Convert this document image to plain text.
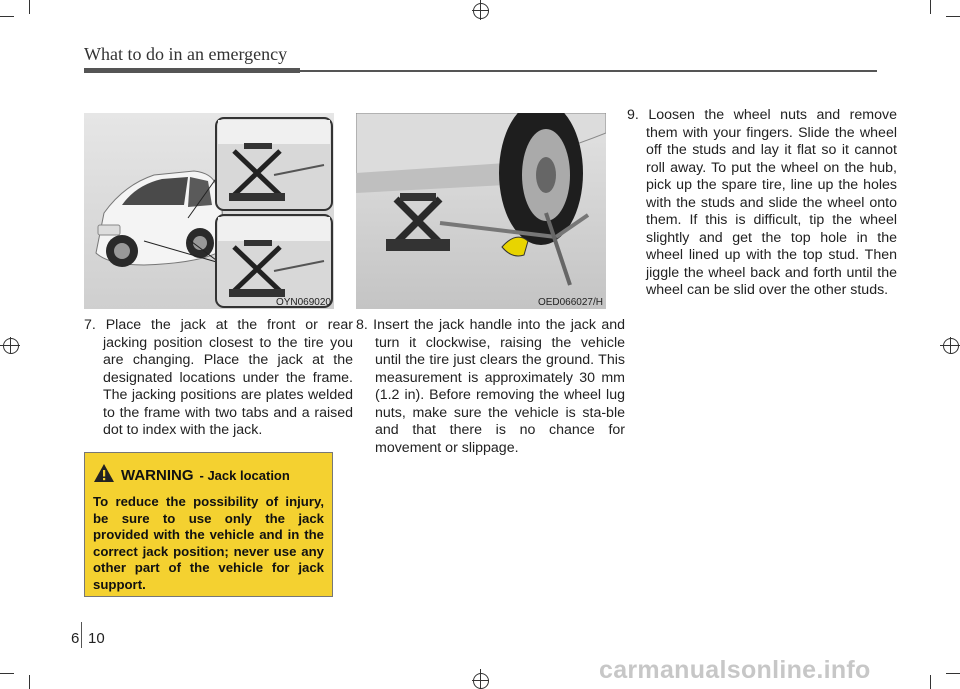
What to do in an emergency
OYN069020	OED066027/H
7. Place the jack at the front or rear jacking position closest to the tire you are changing. Place the jack at the designated locations under the frame. The jacking positions are plates welded to the frame with two tabs and a raised dot to index with the jack.
8. Insert the jack handle into the jack and turn it clockwise, raising the vehicle until the tire just clears the ground. This measurement is approximately 30 mm (1.2 in). Before removing the wheel lug nuts, make sure the vehicle is sta-ble and that there is no chance for movement or slippage.
9. Loosen the wheel nuts and remove them with your fingers. Slide the wheel off the studs and lay it flat so it cannot roll away. To put the wheel on the hub, pick up the spare tire, line up the holes with the studs and slide the wheel onto them. If this is difficult, tip the wheel slightly and get the top hole in the wheel lined up with the top stud. Then jiggle the wheel back and forth until the wheel can be slid over the other studs.
WARNING - Jack location
To reduce the possibility of injury, be sure to use only the jack provided with the vehicle and in the correct jack position; never use any other part of the vehicle for jack support.
6 10
carmanualsonline.info
